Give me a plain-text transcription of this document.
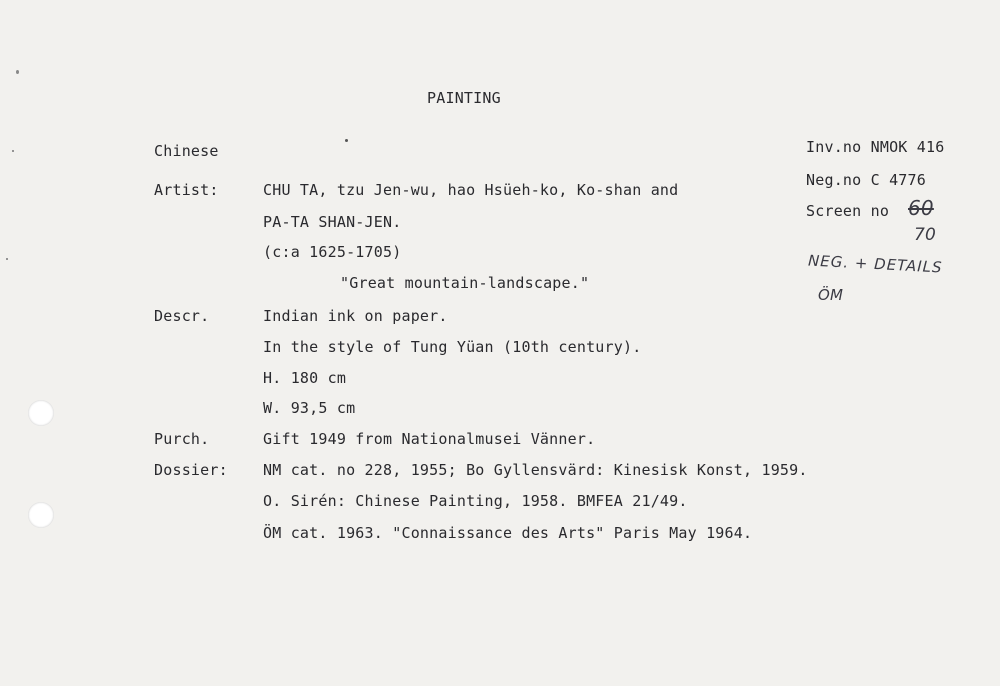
PAINTING
Chinese	Inv.no NMOK 416
Neg.no C 4776
Screen no 60
70
NEG. + DETAILS
ÖM
Artist:	CHU TA, tzu Jen-wu, hao Hsüeh-ko, Ko-shan and
PA-TA SHAN-JEN.
(c:a 1625-1705)
"Great mountain-landscape."
Descr.	Indian ink on paper.
In the style of Tung Yüan (10th century).
H. 180 cm
W. 93,5 cm
Purch.	Gift 1949 from Nationalmusei Vänner.
Dossier: NM cat. no 228, 1955; Bo Gyllensvärd: Kinesisk Konst, 1959.
O. Sirén: Chinese Painting, 1958. BMFEA 21/49.
ÖM cat. 1963. "Connaissance des Arts" Paris May 1964.
